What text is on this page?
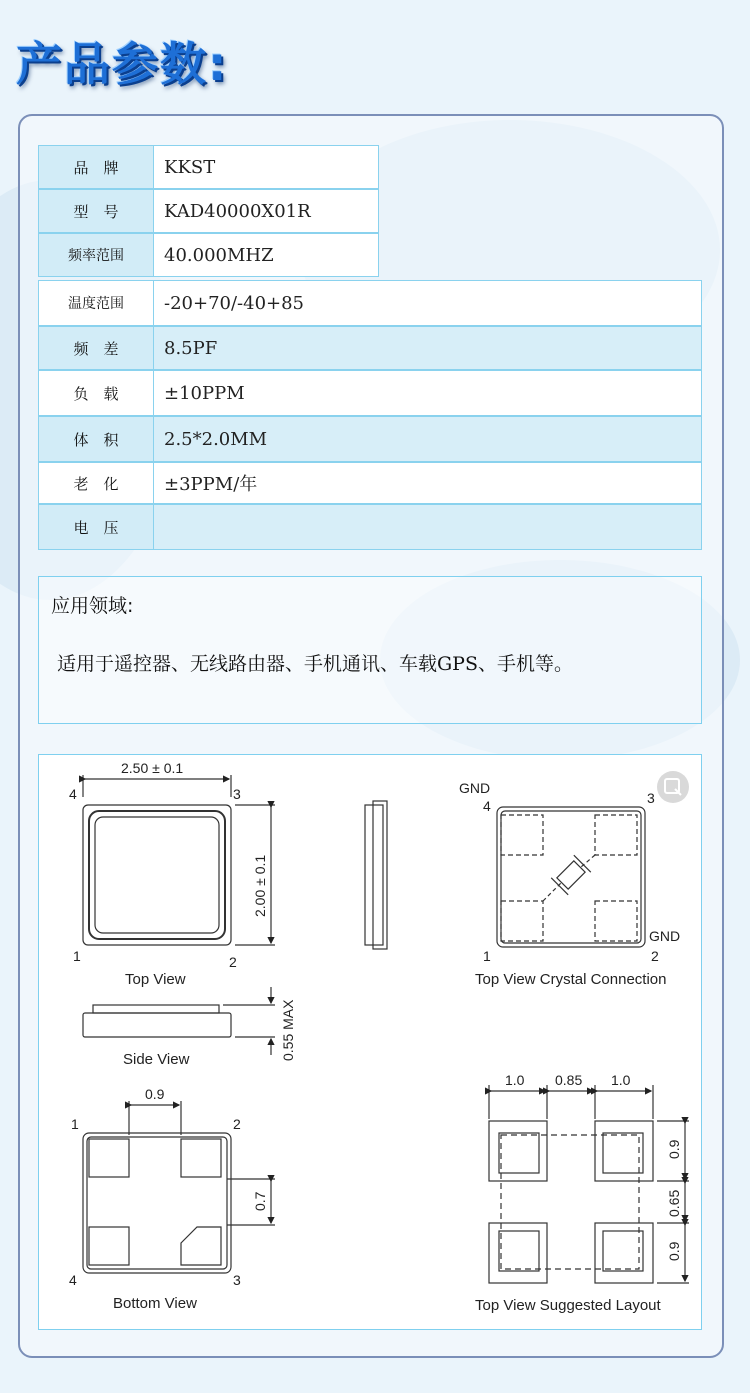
产品参数:
品　牌	KKST
型　号	KAD40000X01R
频率范围	40.000MHZ
温度范围	-20+70/-40+85
频　差	8.5PF
负　载	±10PPM
体　积	2.5*2.0MM
老　化	±3PPM/年
电　压
应用领域:
适用于遥控器、无线路由器、手机通讯、车载GPS、手机等。
2.50 ± 0.1
4	3
1	2
2.00 ± 0.1
Top View
0.55 MAX
Side View
GND
4	3
GND
1	2
Top View Crystal Connection
0.9
0.7
1	2
3
4
Bottom View
1.0 0.85 1.0
0.9
0.65
0.9
Top View Suggested Layout
